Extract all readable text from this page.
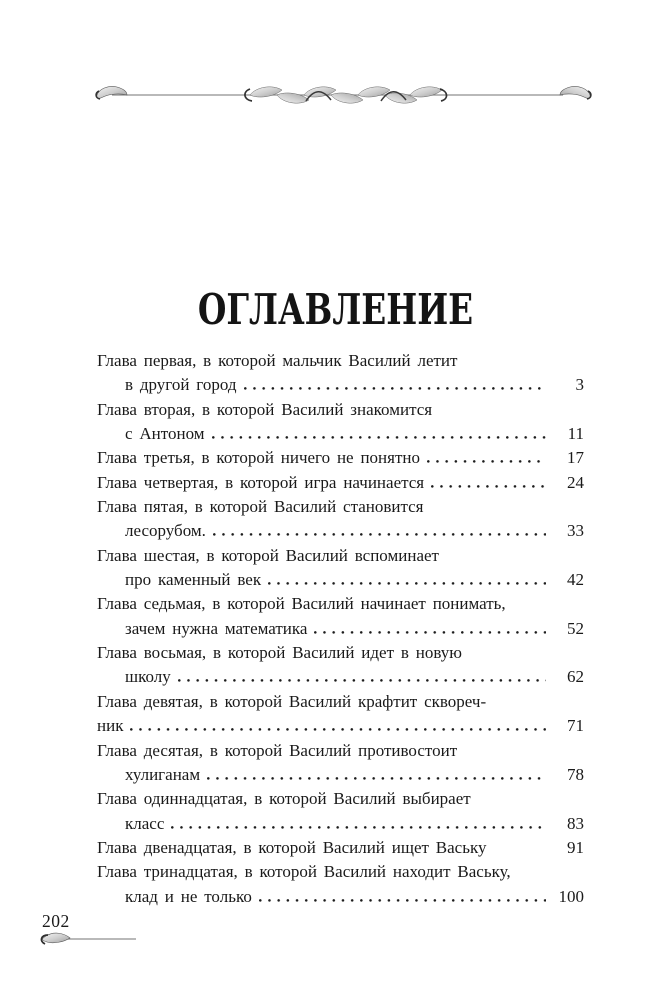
ОГЛАВЛЕНИЕ
Глава первая, в которой мальчик Василий летит
в другой город	3
Глава вторая, в которой Василий знакомится
с Антоном	11
Глава третья, в которой ничего не понятно	17
Глава четвертая, в которой игра начинается	24
Глава пятая, в которой Василий становится
лесорубом.	33
Глава шестая, в которой Василий вспоминает
про каменный век	42
Глава седьмая, в которой Василий начинает понимать,
зачем нужна математика	52
Глава восьмая, в которой Василий идет в новую
школу	62
Глава девятая, в которой Василий крафтит сквореч-
ник	71
Глава десятая, в которой Василий противостоит
хулиганам	78
Глава одиннадцатая, в которой Василий выбирает
класс	83
Глава двенадцатая, в которой Василий ищет Ваську	91
Глава тринадцатая, в которой Василий находит Ваську,
клад и не только	100
202
